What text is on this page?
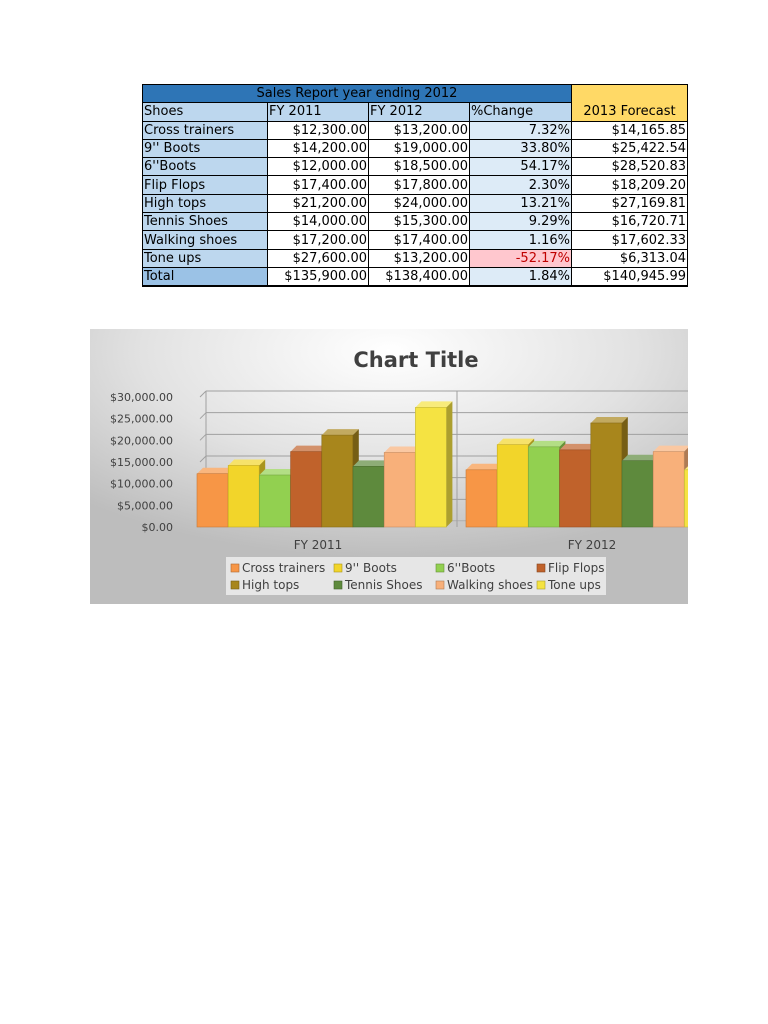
Sales Report year ending 2012				
Shoes	FY 2011	FY 2012	%Change	2013 Forecast
Cross trainers	$12,300.00	$13,200.00	7.32%	$14,165.85
9'' Boots	$14,200.00	$19,000.00	33.80%	$25,422.54
6''Boots	$12,000.00	$18,500.00	54.17%	$28,520.83
Flip Flops	$17,400.00	$17,800.00	2.30%	$18,209.20
High tops	$21,200.00	$24,000.00	13.21%	$27,169.81
Tennis Shoes	$14,000.00	$15,300.00	9.29%	$16,720.71
Walking shoes	$17,200.00	$17,400.00	1.16%	$17,602.33
Tone ups	$27,600.00	$13,200.00	-52.17%	$6,313.04
Total	$135,900.00	$138,400.00	1.84%	$140,945.99
$0.00
$5,000.00
$10,000.00
$15,000.00
$20,000.00
$25,000.00
$30,000.00
FY 2011	FY 2012
Chart Title
Cross trainers 9'' Boots	6''Boots	Flip Flops
High tops	Tennis Shoes Walking shoes Tone ups
